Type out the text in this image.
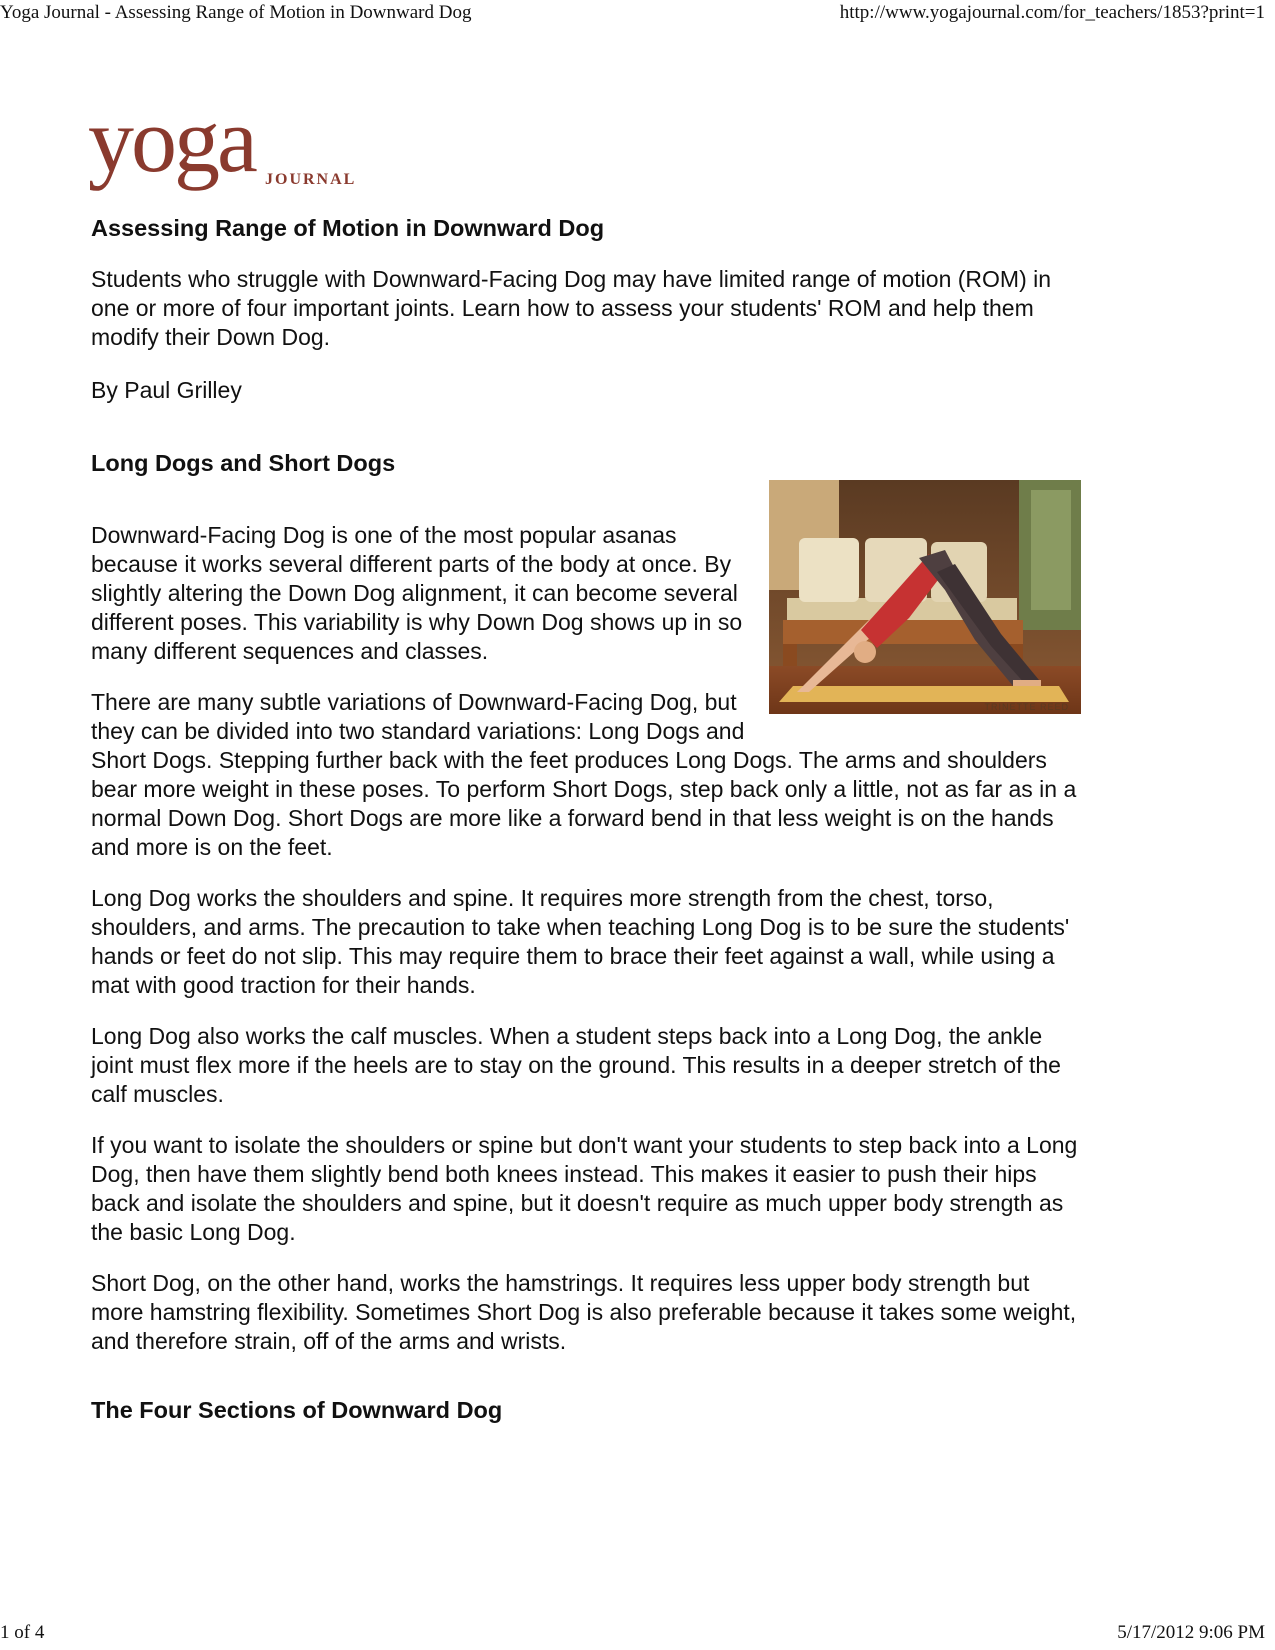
Yoga Journal - Assessing Range of Motion in Downward Dog	http://www.yogajournal.com/for_teachers/1853?print=1
yoga JOURNAL
Assessing Range of Motion in Downward Dog

Students who struggle with Downward-Facing Dog may have limited range of motion (ROM) in one or more of four important joints. Learn how to assess your students' ROM and help them modify their Down Dog.

By Paul Grilley

Long Dogs and Short Dogs
TRINETTE REED

Downward-Facing Dog is one of the most popular asanas because it works several different parts of the body at once. By slightly altering the Down Dog alignment, it can become several different poses. This variability is why Down Dog shows up in so many different sequences and classes.

There are many subtle variations of Downward-Facing Dog, but they can be divided into two standard variations: Long Dogs and Short Dogs. Stepping further back with the feet produces Long Dogs. The arms and shoulders bear more weight in these poses. To perform Short Dogs, step back only a little, not as far as in a normal Down Dog. Short Dogs are more like a forward bend in that less weight is on the hands and more is on the feet.

Long Dog works the shoulders and spine. It requires more strength from the chest, torso, shoulders, and arms. The precaution to take when teaching Long Dog is to be sure the students' hands or feet do not slip. This may require them to brace their feet against a wall, while using a mat with good traction for their hands.

Long Dog also works the calf muscles. When a student steps back into a Long Dog, the ankle joint must flex more if the heels are to stay on the ground. This results in a deeper stretch of the calf muscles.

If you want to isolate the shoulders or spine but don't want your students to step back into a Long Dog, then have them slightly bend both knees instead. This makes it easier to push their hips back and isolate the shoulders and spine, but it doesn't require as much upper body strength as the basic Long Dog.

Short Dog, on the other hand, works the hamstrings. It requires less upper body strength but more hamstring flexibility. Sometimes Short Dog is also preferable because it takes some weight, and therefore strain, off of the arms and wrists.

The Four Sections of Downward Dog
1 of 4	5/17/2012 9:06 PM
